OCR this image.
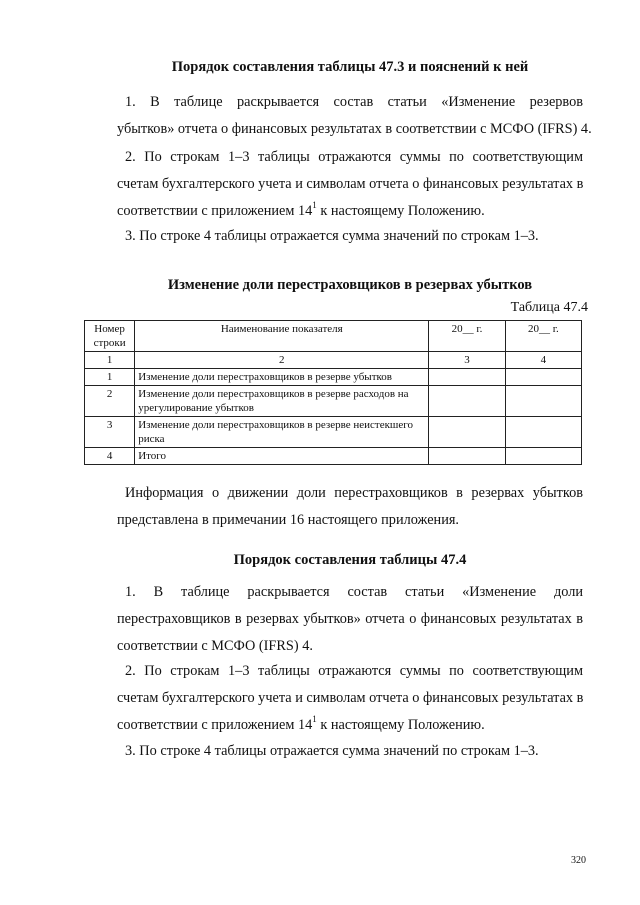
Порядок составления таблицы 47.3 и пояснений к ней
1. В таблице раскрывается состав статьи «Изменение резервов
убытков» отчета о финансовых результатах в соответствии с МСФО (IFRS) 4.
2. По строкам 1–3 таблицы отражаются суммы по соответствующим
счетам бухгалтерского учета и символам отчета о финансовых результатах в
соответствии с приложением $14^1$ к настоящему Положению.
3. По строке 4 таблицы отражается сумма значений по строкам 1–3.
Изменение доли перестраховщиков в резервах убытков
Таблица 47.4
Номер строки	Наименование показателя	20__ г.	20__ г.
1	2	3	4
1	Изменение доли перестраховщиков в резерве убытков		
2	Изменение доли перестраховщиков в резерве расходов на урегулирование убытков		
3	Изменение доли перестраховщиков в резерве неистекшего риска		
4	Итого		
Информация о движении доли перестраховщиков в резервах убытков
представлена в примечании 16 настоящего приложения.
Порядок составления таблицы 47.4
1. В таблице раскрывается состав статьи «Изменение доли
перестраховщиков в резервах убытков» отчета о финансовых результатах в
соответствии с МСФО (IFRS) 4.
2. По строкам 1–3 таблицы отражаются суммы по соответствующим
счетам бухгалтерского учета и символам отчета о финансовых результатах в
соответствии с приложением $14^1$ к настоящему Положению.
3. По строке 4 таблицы отражается сумма значений по строкам 1–3.
320
